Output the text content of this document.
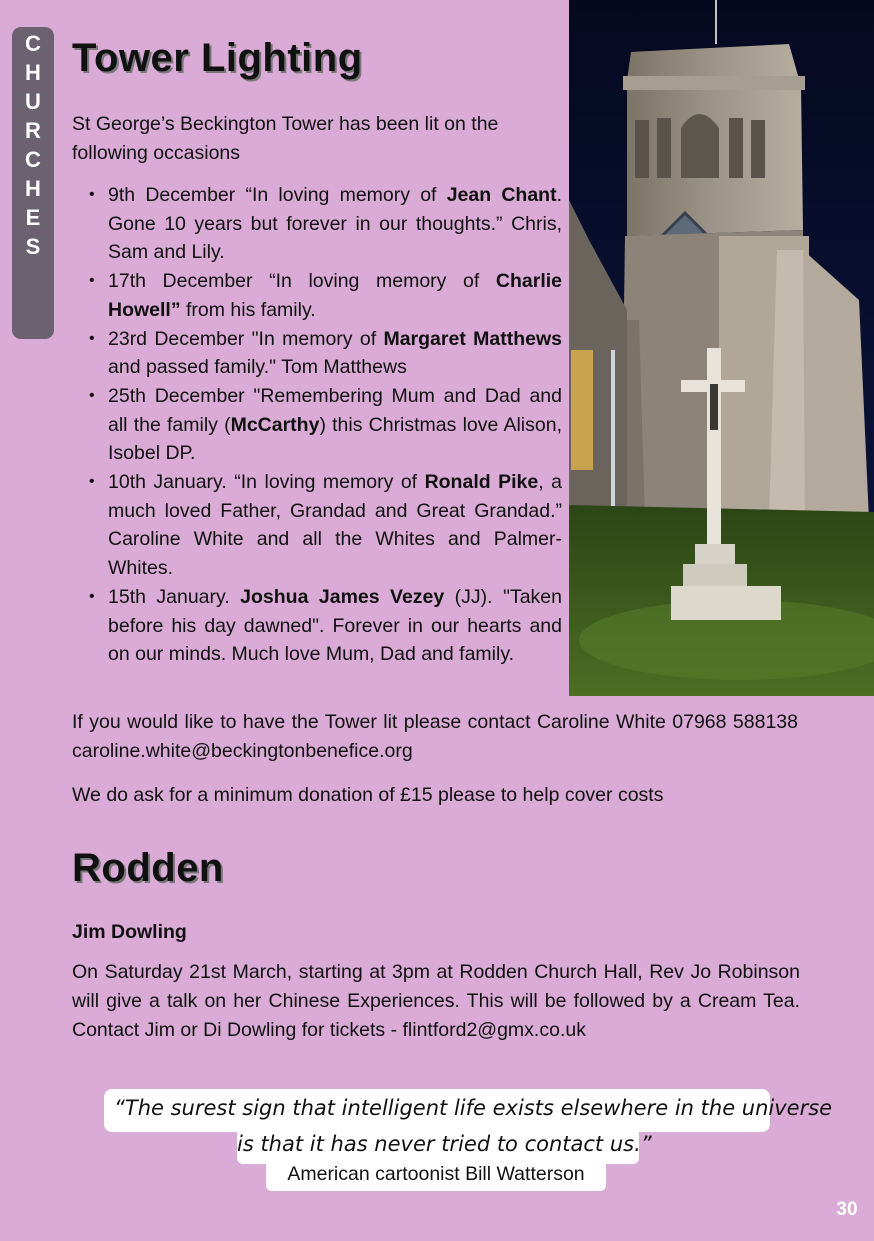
C
H
U
R
C
H
E
S
Tower Lighting

St George’s Beckington Tower has been lit on the following occasions

• 9th December “In loving memory of Jean Chant. Gone 10 years but forever in our thoughts.” Chris, Sam and Lily.
• 17th December “In loving memory of Charlie Howell” from his family.
• 23rd December "In memory of Margaret Matthews and passed family." Tom Matthews
• 25th December "Remembering Mum and Dad and all the family (McCarthy) this Christmas love Alison, Isobel DP.
• 10th January. “In loving memory of Ronald Pike, a much loved Father, Grandad and Great Grandad.” Caroline White and all the Whites and Palmer-Whites.
• 15th January. Joshua James Vezey (JJ). "Taken before his day dawned". Forever in our hearts and on our minds. Much love Mum, Dad and family.

If you would like to have the Tower lit please contact Caroline White 07968 588138 caroline.white@beckingtonbenefice.org

We do ask for a minimum donation of £15 please to help cover costs

Rodden

Jim Dowling

On Saturday 21st March, starting at 3pm at Rodden Church Hall, Rev Jo Robinson will give a talk on her Chinese Experiences. This will be followed by a Cream Tea. Contact Jim or Di Dowling for tickets - flintford2@gmx.co.uk

“The surest sign that intelligent life exists elsewhere in the universe

is that it has never tried to contact us.”

American cartoonist Bill Watterson

30
